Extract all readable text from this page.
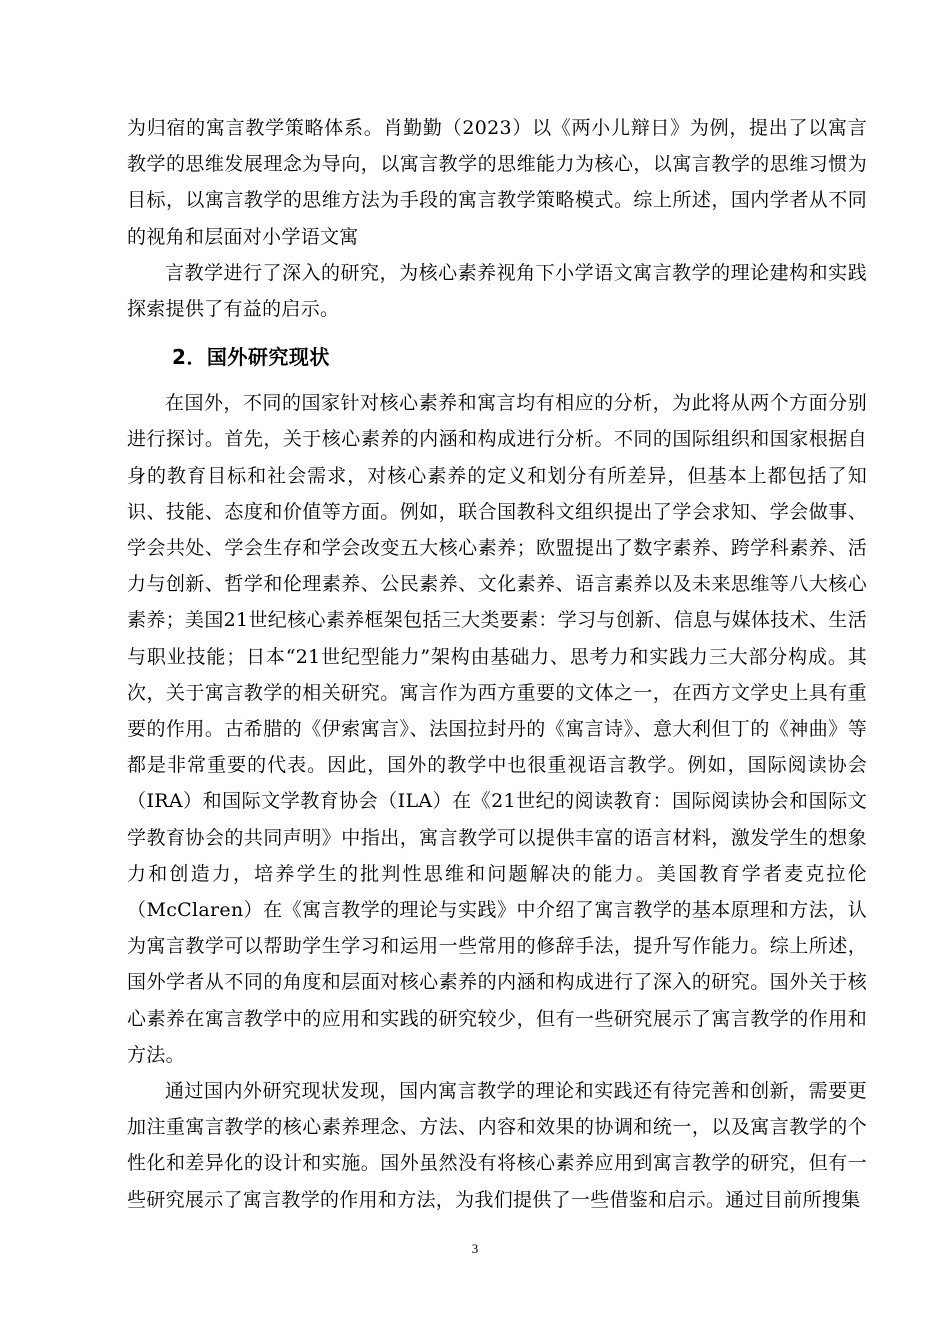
为归宿的寓言教学策略体系。肖勤勤（2023）以《两小儿辩日》为例，提出了以寓言教学的思维发展理念为导向，以寓言教学的思维能力为核心，以寓言教学的思维习惯为目标，以寓言教学的思维方法为手段的寓言教学策略模式。综上所述，国内学者从不同的视角和层面对小学语文寓

言教学进行了深入的研究，为核心素养视角下小学语文寓言教学的理论建构和实践探索提供了有益的启示。

2．国外研究现状

在国外，不同的国家针对核心素养和寓言均有相应的分析，为此将从两个方面分别进行探讨。首先，关于核心素养的内涵和构成进行分析。不同的国际组织和国家根据自身的教育目标和社会需求，对核心素养的定义和划分有所差异，但基本上都包括了知识、技能、态度和价值等方面。例如，联合国教科文组织提出了学会求知、学会做事、学会共处、学会生存和学会改变五大核心素养；欧盟提出了数字素养、跨学科素养、活力与创新、哲学和伦理素养、公民素养、文化素养、语言素养以及未来思维等八大核心素养；美国21世纪核心素养框架包括三大类要素：学习与创新、信息与媒体技术、生活与职业技能；日本“21世纪型能力”架构由基础力、思考力和实践力三大部分构成。其次，关于寓言教学的相关研究。寓言作为西方重要的文体之一，在西方文学史上具有重要的作用。古希腊的《伊索寓言》、法国拉封丹的《寓言诗》、意大利但丁的《神曲》等都是非常重要的代表。因此，国外的教学中也很重视语言教学。例如，国际阅读协会（IRA）和国际文学教育协会（ILA）在《21世纪的阅读教育：国际阅读协会和国际文学教育协会的共同声明》中指出，寓言教学可以提供丰富的语言材料，激发学生的想象力和创造力，培养学生的批判性思维和问题解决的能力。美国教育学者麦克拉伦（McClaren）在《寓言教学的理论与实践》中介绍了寓言教学的基本原理和方法，认为寓言教学可以帮助学生学习和运用一些常用的修辞手法，提升写作能力。综上所述，国外学者从不同的角度和层面对核心素养的内涵和构成进行了深入的研究。国外关于核心素养在寓言教学中的应用和实践的研究较少，但有一些研究展示了寓言教学的作用和方法。

通过国内外研究现状发现，国内寓言教学的理论和实践还有待完善和创新，需要更加注重寓言教学的核心素养理念、方法、内容和效果的协调和统一，以及寓言教学的个性化和差异化的设计和实施。国外虽然没有将核心素养应用到寓言教学的研究，但有一些研究展示了寓言教学的作用和方法，为我们提供了一些借鉴和启示。通过目前所搜集

3
